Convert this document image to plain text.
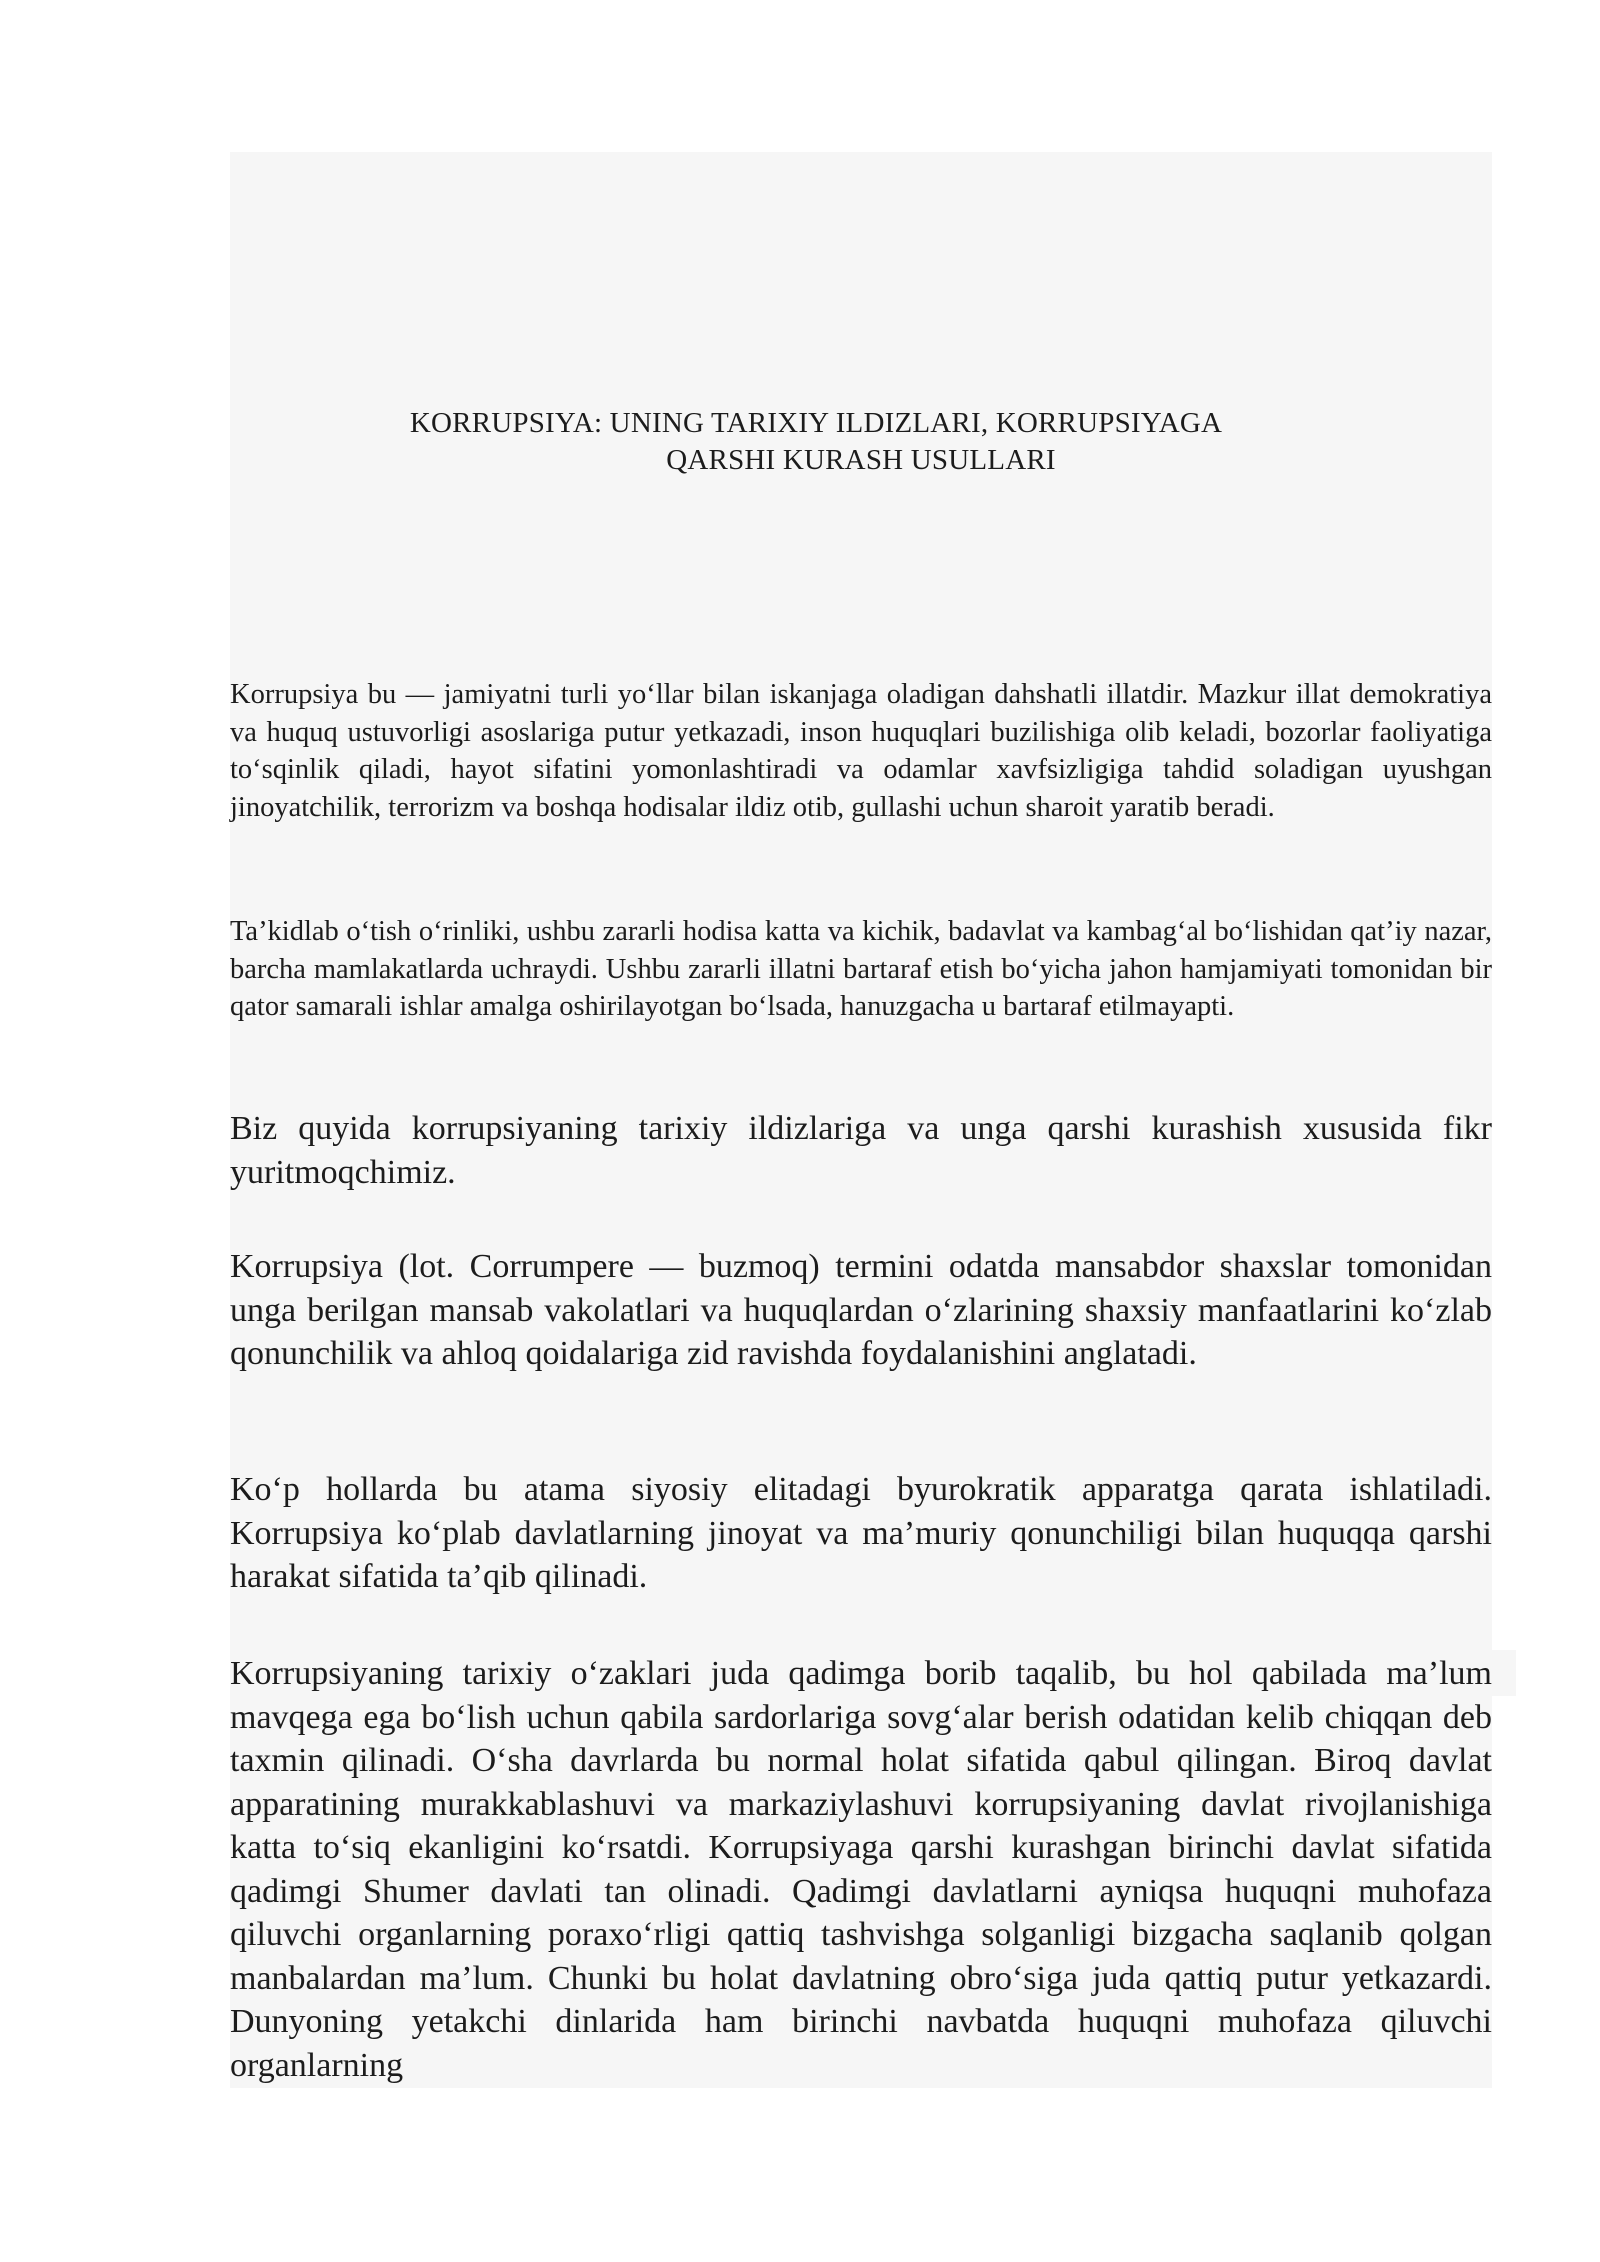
KORRUPSIYA: UNING TARIXIY ILDIZLARI, KORRUPSIYAGA
QARSHI KURASH USULLARI

Korrupsiya bu — jamiyatni turli yo‘llar bilan iskanjaga oladigan dahshatli illatdir. Mazkur illat demokratiya va huquq ustuvorligi asoslariga putur yetkazadi, inson huquqlari buzilishiga olib keladi, bozorlar faoliyatiga to‘sqinlik qiladi, hayot sifatini yomonlashtiradi va odamlar xavfsizligiga tahdid soladigan uyushgan jinoyatchilik, terrorizm va boshqa hodisalar ildiz otib, gullashi uchun sharoit yaratib beradi.

Ta’kidlab o‘tish o‘rinliki, ushbu zararli hodisa katta va kichik, badavlat va kambag‘al bo‘lishidan qat’iy nazar, barcha mamlakatlarda uchraydi. Ushbu zararli illatni bartaraf etish bo‘yicha jahon hamjamiyati tomonidan bir qator samarali ishlar amalga oshirilayotgan bo‘lsada, hanuzgacha u bartaraf etilmayapti.

Biz quyida korrupsiyaning tarixiy ildizlariga va unga qarshi kurashish xususida fikr yuritmoqchimiz.

Korrupsiya (lot. Corrumpere — buzmoq) termini odatda mansabdor shaxslar tomonidan unga berilgan mansab vakolatlari va huquqlardan o‘zlarining shaxsiy manfaatlarini ko‘zlab qonunchilik va ahloq qoidalariga zid ravishda foydalanishini anglatadi.

Ko‘p hollarda bu atama siyosiy elitadagi byurokratik apparatga qarata ishlatiladi. Korrupsiya ko‘plab davlatlarning jinoyat va ma’muriy qonunchiligi bilan huquqqa qarshi harakat sifatida ta’qib qilinadi.

Korrupsiyaning tarixiy o‘zaklari juda qadimga borib taqalib, bu hol qabilada ma’lum mavqega ega bo‘lish uchun qabila sardorlariga sovg‘alar berish odatidan kelib chiqqan deb taxmin qilinadi. O‘sha davrlarda bu normal holat sifatida qabul qilingan. Biroq davlat apparatining murakkablashuvi va markaziylashuvi korrupsiyaning davlat rivojlanishiga katta to‘siq ekanligini ko‘rsatdi. Korrupsiyaga qarshi kurashgan birinchi davlat sifatida qadimgi Shumer davlati tan olinadi. Qadimgi davlatlarni ayniqsa huquqni muhofaza qiluvchi organlarning poraxo‘rligi qattiq tashvishga solganligi bizgacha saqlanib qolgan manbalardan ma’lum. Chunki bu holat davlatning obro‘siga juda qattiq putur yetkazardi. Dunyoning yetakchi dinlarida ham birinchi navbatda huquqni muhofaza qiluvchi organlarning
